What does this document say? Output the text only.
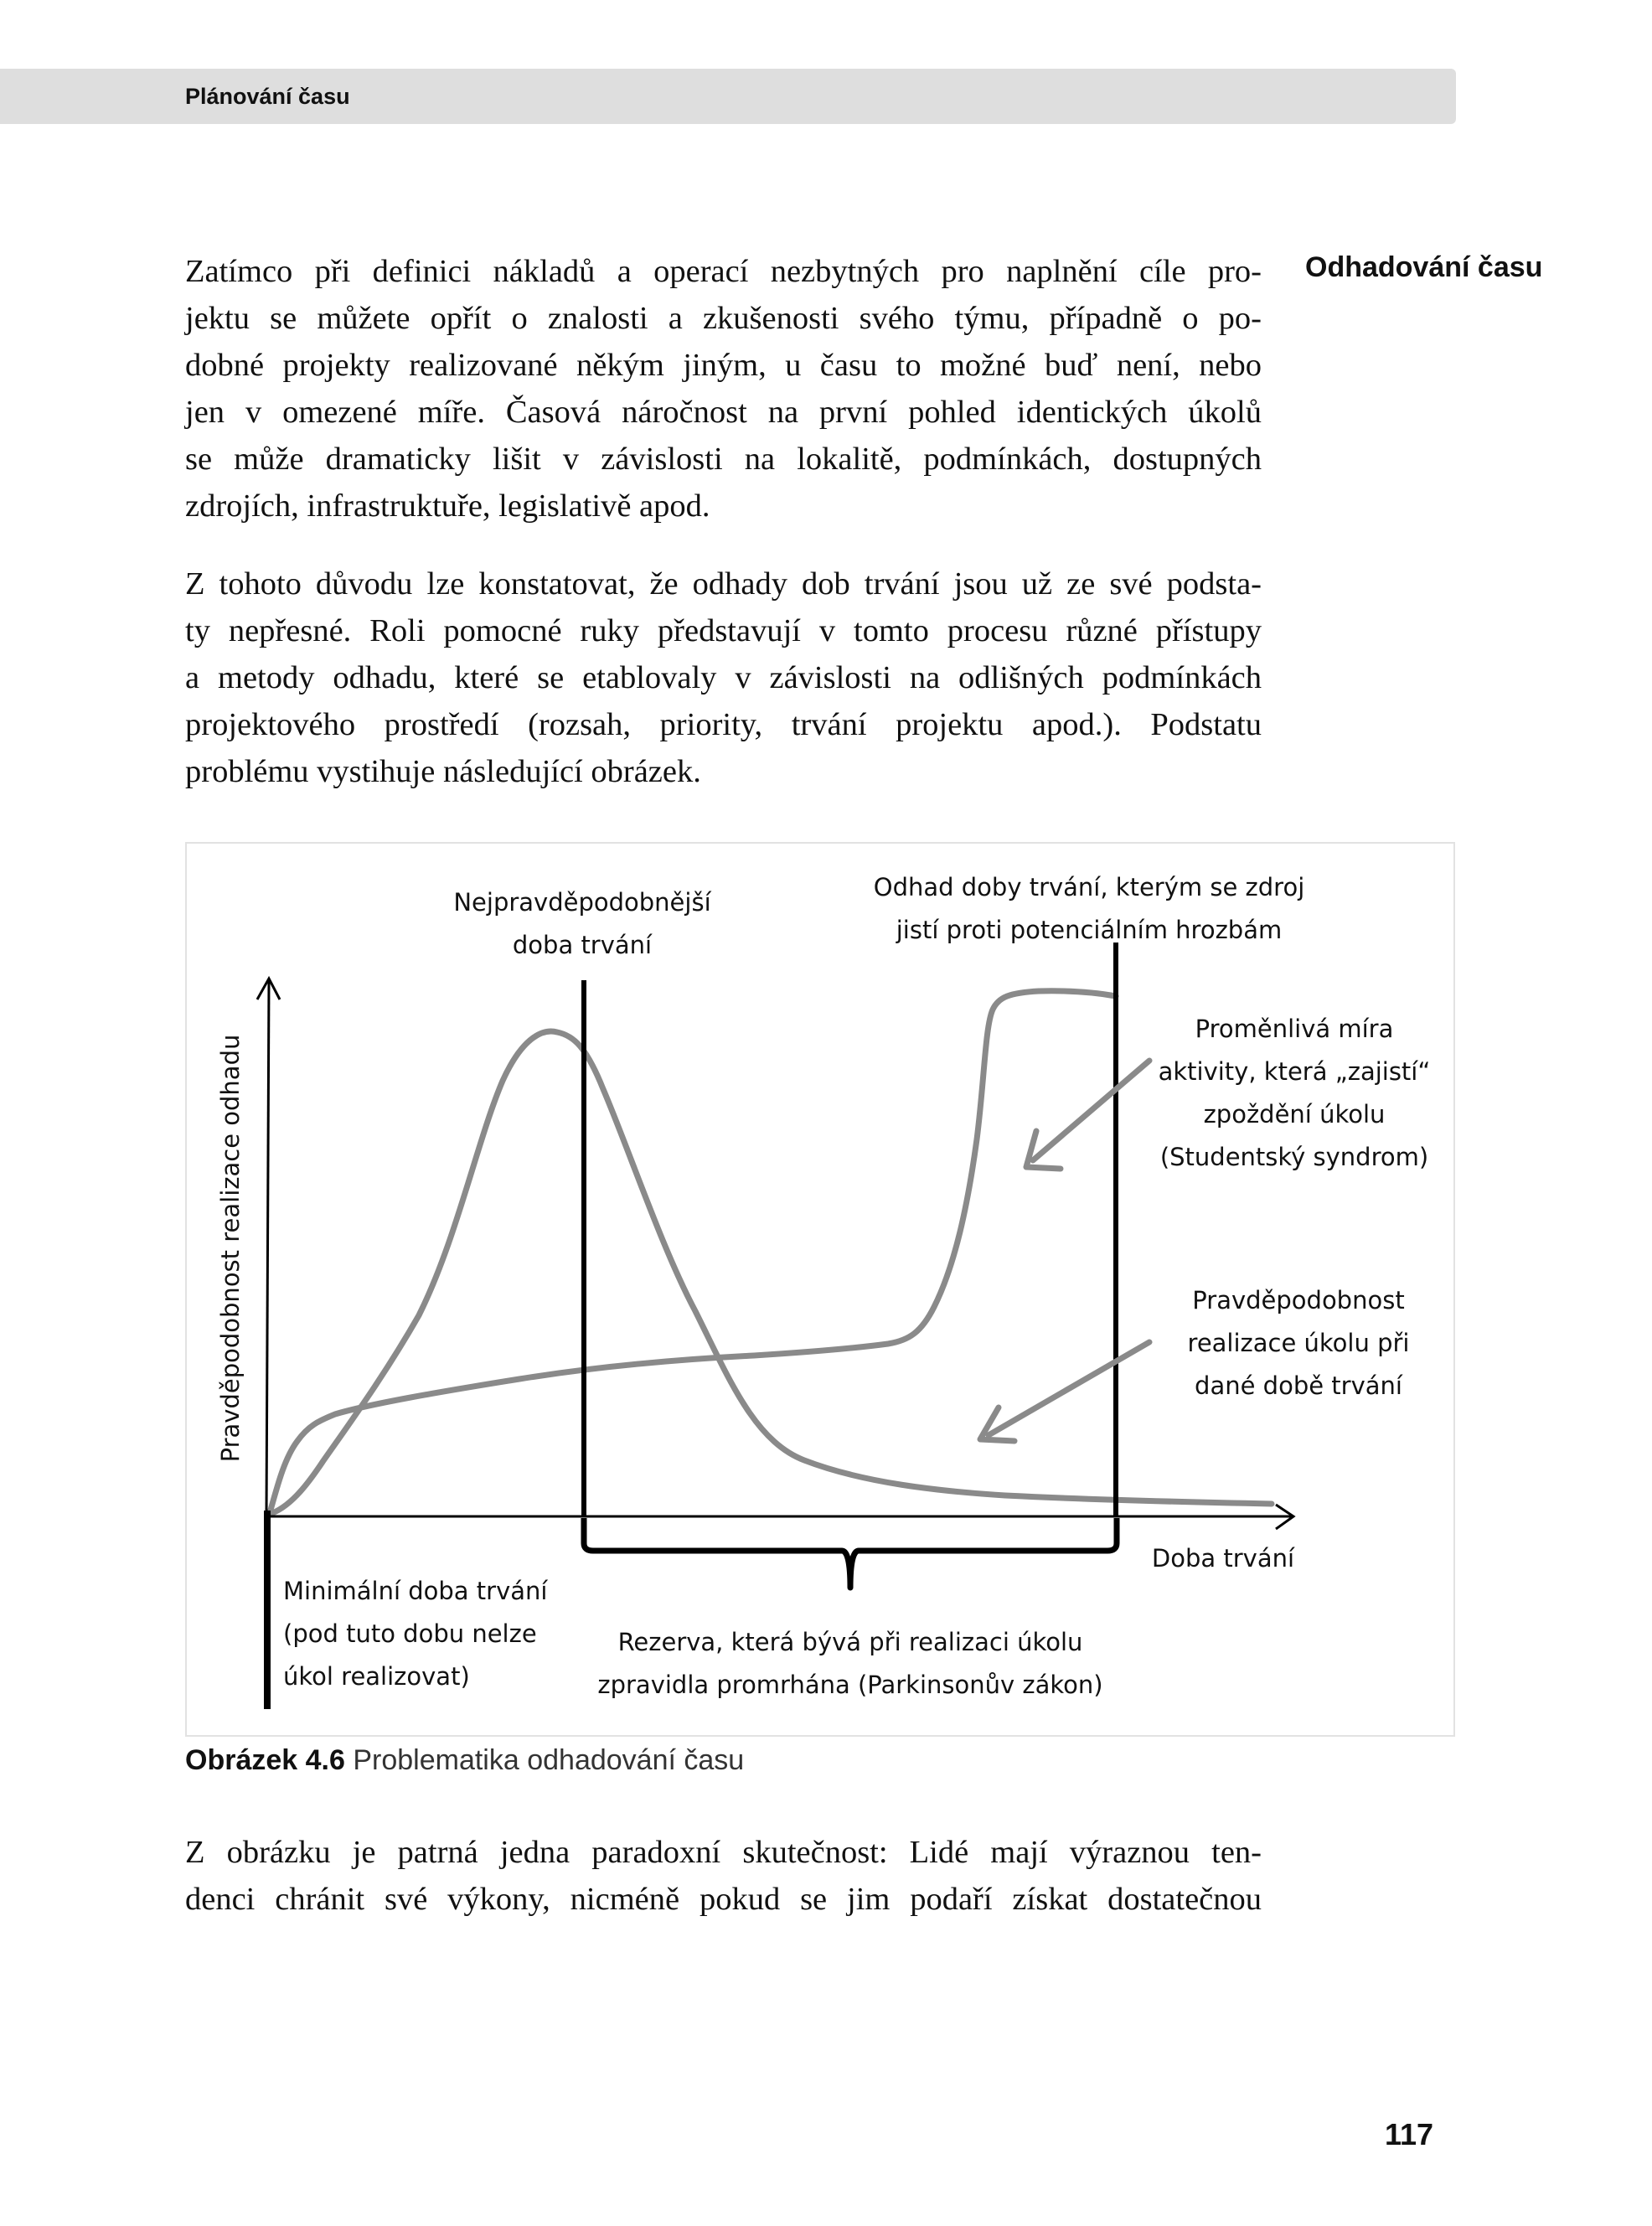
Plánování času
Odhadování času
Zatímco při definici nákladů a operací nezbytných pro naplnění cíle pro-
jektu se můžete opřít o znalosti a zkušenosti svého týmu, případně o po-
dobné projekty realizované někým jiným, u času to možné buď není, nebo
jen v omezené míře. Časová náročnost na první pohled identických úkolů
se může dramaticky lišit v závislosti na lokalitě, podmínkách, dostupných
zdrojích, infrastruktuře, legislativě apod.
Z tohoto důvodu lze konstatovat, že odhady dob trvání jsou už ze své podsta-
ty nepřesné. Roli pomocné ruky představují v tomto procesu různé přístupy
a metody odhadu, které se etablovaly v závislosti na odlišných podmínkách
projektového prostředí (rozsah, priority, trvání projektu apod.). Podstatu
problému vystihuje následující obrázek.
Pravděpodobnost realizace odhadu
Nejpravděpodobnější
doba trvání
Odhad doby trvání, kterým se zdroj
jistí proti potenciálním hrozbám
Proměnlivá míra
aktivity, která „zajistí“
zpoždění úkolu
(Studentský syndrom)
Pravděpodobnost
realizace úkolu při
dané době trvání
Doba trvání
Minimální doba trvání
(pod tuto dobu nelze
úkol realizovat)
Rezerva, která bývá při realizaci úkolu
zpravidla promrhána (Parkinsonův zákon)
Obrázek 4.6 Problematika odhadování času
Z obrázku je patrná jedna paradoxní skutečnost: Lidé mají výraznou ten-
denci chránit své výkony, nicméně pokud se jim podaří získat dostatečnou
117
